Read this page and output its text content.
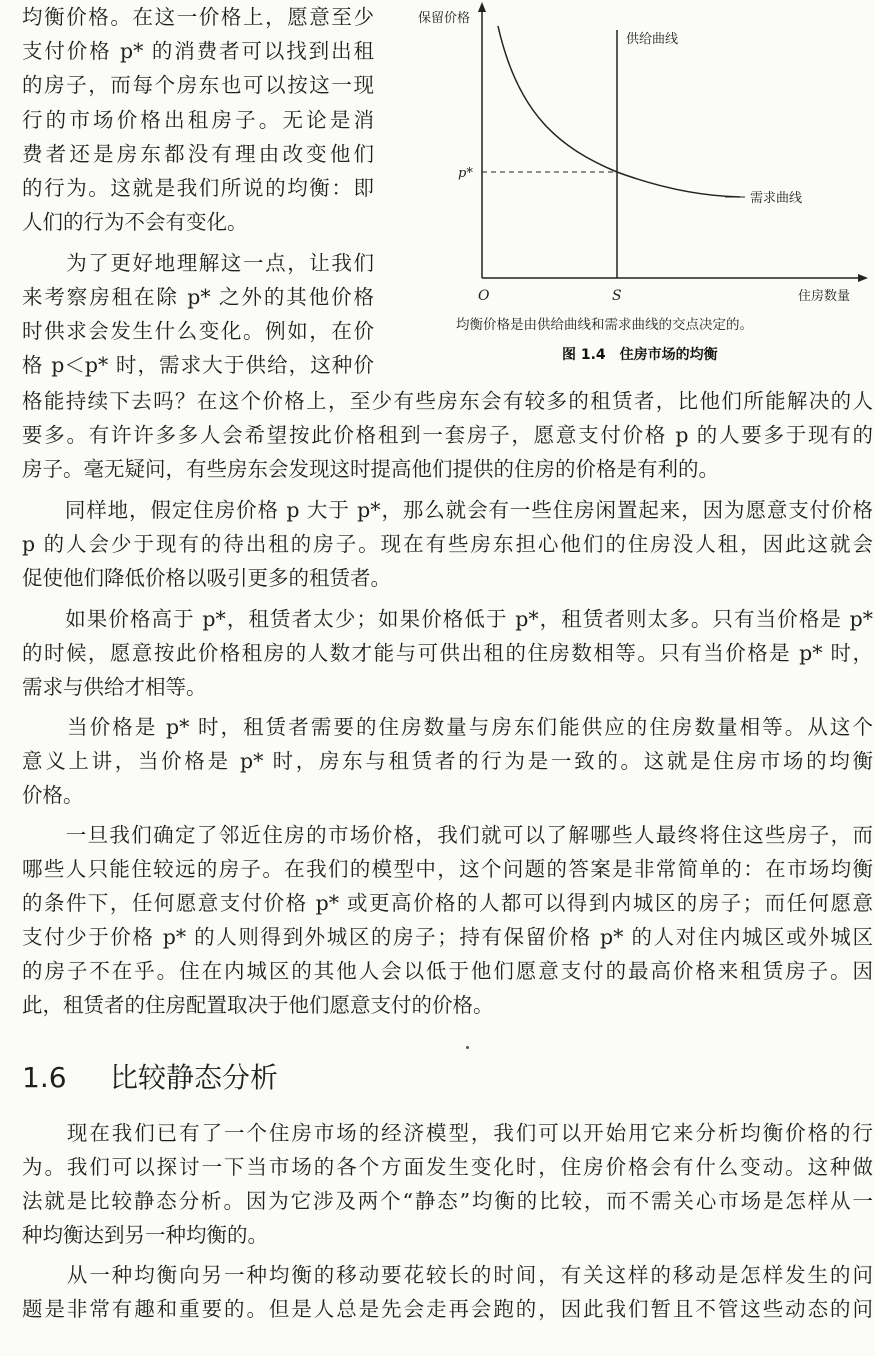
均衡价格。在这一价格上，愿意至少

支付价格 p* 的消费者可以找到出租

的房子，而每个房东也可以按这一现

行的市场价格出租房子。无论是消

费者还是房东都没有理由改变他们

的行为。这就是我们所说的均衡：即

人们的行为不会有变化。

　　为了更好地理解这一点，让我们

来考察房租在除 p* 之外的其他价格

时供求会发生什么变化。例如，在价

格 p＜p* 时，需求大于供给，这种价

保留价格
供给曲线
需求曲线
p*
O	S	住房数量
均衡价格是由供给曲线和需求曲线的交点决定的。
图 1.4　住房市场的均衡

格能持续下去吗？在这个价格上，至少有些房东会有较多的租赁者，比他们所能解决的人

要多。有许许多多人会希望按此价格租到一套房子，愿意支付价格 p 的人要多于现有的

房子。毫无疑问，有些房东会发现这时提高他们提供的住房的价格是有利的。

　　同样地，假定住房价格 p 大于 p*，那么就会有一些住房闲置起来，因为愿意支付价格

p 的人会少于现有的待出租的房子。现在有些房东担心他们的住房没人租，因此这就会

促使他们降低价格以吸引更多的租赁者。

　　如果价格高于 p*，租赁者太少；如果价格低于 p*，租赁者则太多。只有当价格是 p*

的时候，愿意按此价格租房的人数才能与可供出租的住房数相等。只有当价格是 p* 时，

需求与供给才相等。

　　当价格是 p* 时，租赁者需要的住房数量与房东们能供应的住房数量相等。从这个

意义上讲，当价格是 p* 时，房东与租赁者的行为是一致的。这就是住房市场的均衡

价格。

　　一旦我们确定了邻近住房的市场价格，我们就可以了解哪些人最终将住这些房子，而

哪些人只能住较远的房子。在我们的模型中，这个问题的答案是非常简单的：在市场均衡

的条件下，任何愿意支付价格 p* 或更高价格的人都可以得到内城区的房子；而任何愿意

支付少于价格 p* 的人则得到外城区的房子；持有保留价格 p* 的人对住内城区或外城区

的房子不在乎。住在内城区的其他人会以低于他们愿意支付的最高价格来租赁房子。因

此，租赁者的住房配置取决于他们愿意支付的价格。

1.6 比较静态分析

　　现在我们已有了一个住房市场的经济模型，我们可以开始用它来分析均衡价格的行

为。我们可以探讨一下当市场的各个方面发生变化时，住房价格会有什么变动。这种做

法就是比较静态分析。因为它涉及两个“静态”均衡的比较，而不需关心市场是怎样从一

种均衡达到另一种均衡的。

　　从一种均衡向另一种均衡的移动要花较长的时间，有关这样的移动是怎样发生的问

题是非常有趣和重要的。但是人总是先会走再会跑的，因此我们暂且不管这些动态的问
